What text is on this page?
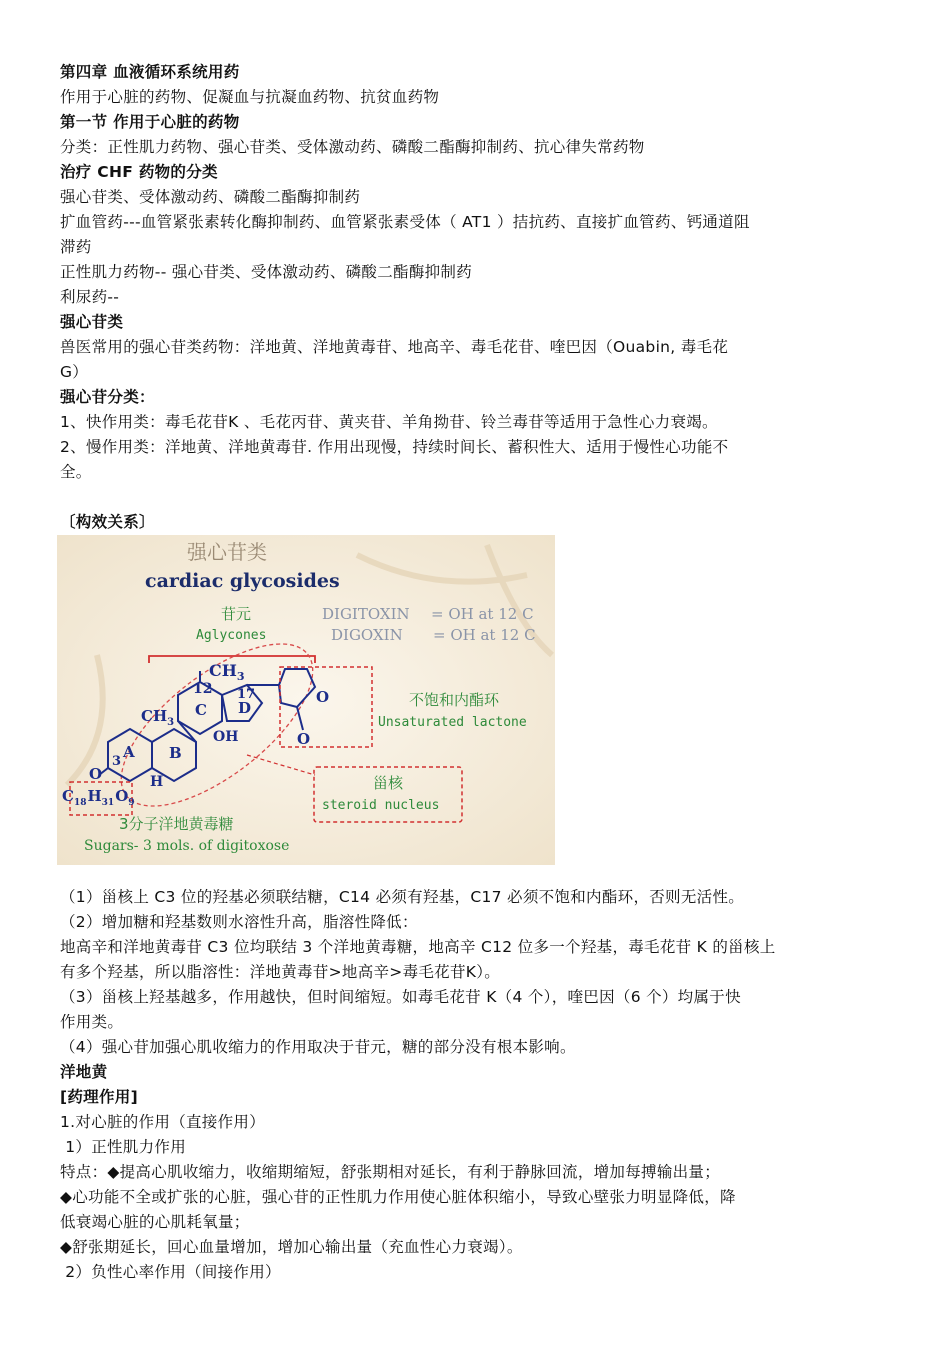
第四章 血液循环系统用药
作用于心脏的药物、促凝血与抗凝血药物、抗贫血药物
第一节 作用于心脏的药物
分类：正性肌力药物、强心苷类、受体激动药、磷酸二酯酶抑制药、抗心律失常药物
治疗 CHF 药物的分类
强心苷类、受体激动药、磷酸二酯酶抑制药
扩血管药---血管紧张素转化酶抑制药、血管紧张素受体（ AT1 ）拮抗药、直接扩血管药、钙通道阻
滞药
正性肌力药物-- 强心苷类、受体激动药、磷酸二酯酶抑制药
利尿药--
强心苷类
兽医常用的强心苷类药物：洋地黄、洋地黄毒苷、地高辛、毒毛花苷、喹巴因（Ouabin, 毒毛花
G）
强心苷分类：
1、快作用类：毒毛花苷K 、毛花丙苷、黄夹苷、羊角拗苷、铃兰毒苷等适用于急性心力衰竭。
2、慢作用类：洋地黄、洋地黄毒苷. 作用出现慢，持续时间长、蓄积性大、适用于慢性心功能不
全。
〔构效关系〕
强心苷类
cardiac glycosides
苷元
Aglycones
DIGITOXIN = OH at 12 C
DIGOXIN = OH at 12 C
$CH_3$
12 17
$CH_3$
C D
OH
B
A
3
H
O
O
O
不饱和内酯环
Unsaturated lactone
甾核
steroid nucleus
$C_{18}H_{31}O_9$
3分子洋地黄毒糖
Sugars- 3 mols. of digitoxose
（1）甾核上 C3 位的羟基必须联结糖，C14 必须有羟基，C17 必须不饱和内酯环，否则无活性。
（2）增加糖和羟基数则水溶性升高，脂溶性降低：
地高辛和洋地黄毒苷 C3 位均联结 3 个洋地黄毒糖，地高辛 C12 位多一个羟基，毒毛花苷 K 的甾核上
有多个羟基，所以脂溶性：洋地黄毒苷>地高辛>毒毛花苷K）。
（3）甾核上羟基越多，作用越快，但时间缩短。如毒毛花苷 K（4 个），喹巴因（6 个）均属于快
作用类。
（4）强心苷加强心肌收缩力的作用取决于苷元，糖的部分没有根本影响。
洋地黄
[药理作用]
1.对心脏的作用（直接作用）
1）正性肌力作用
特点：◆提高心肌收缩力，收缩期缩短，舒张期相对延长，有利于静脉回流，增加每搏输出量；
◆心功能不全或扩张的心脏，强心苷的正性肌力作用使心脏体积缩小，导致心壁张力明显降低，降
低衰竭心脏的心肌耗氧量；
◆舒张期延长，回心血量增加，增加心输出量（充血性心力衰竭）。
2）负性心率作用（间接作用）
